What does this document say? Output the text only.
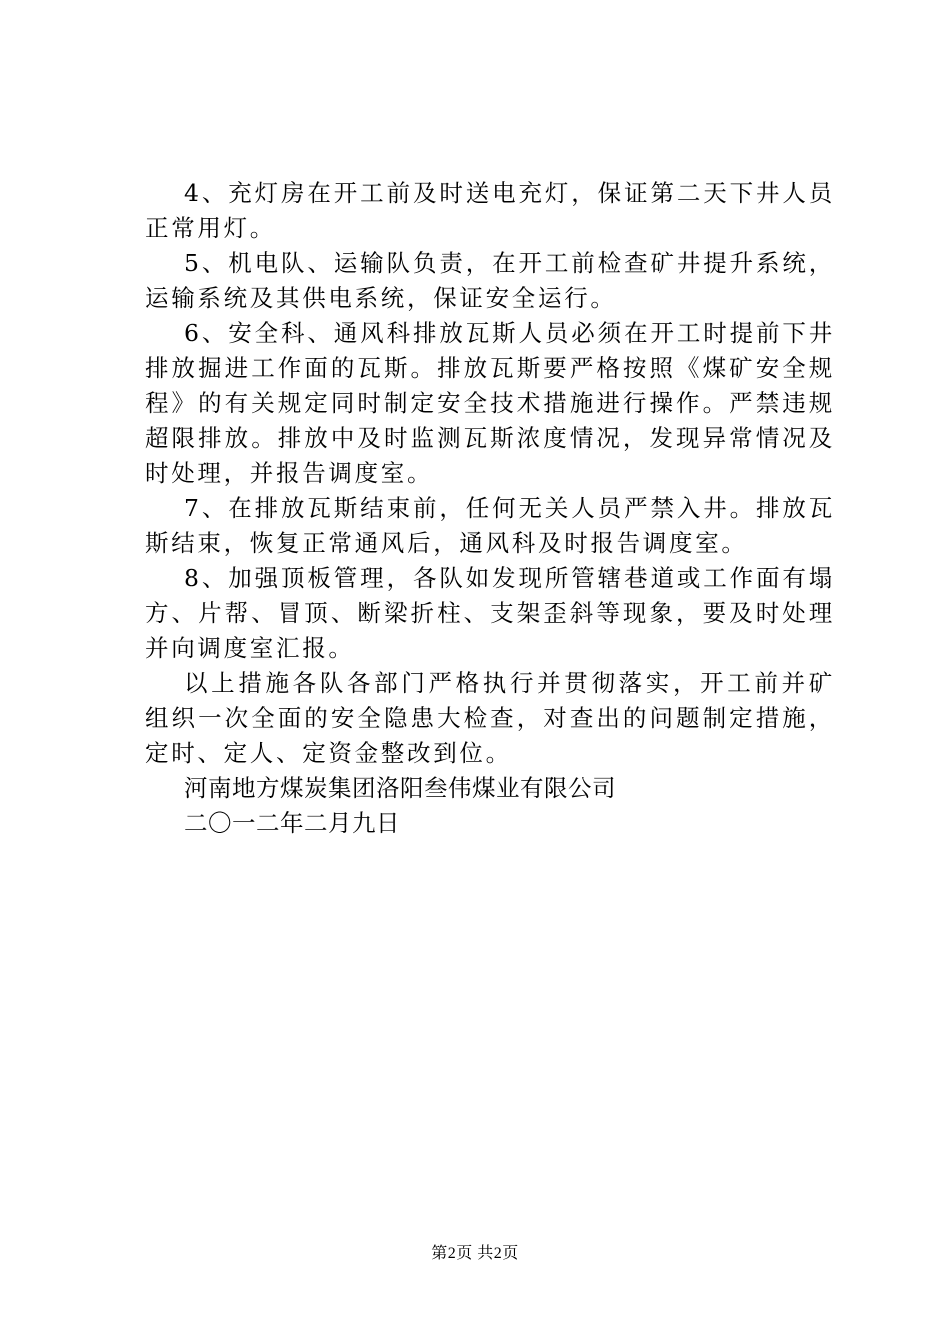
4、充灯房在开工前及时送电充灯，保证第二天下井人员正常用灯。

5、机电队、运输队负责，在开工前检查矿井提升系统，运输系统及其供电系统，保证安全运行。

6、安全科、通风科排放瓦斯人员必须在开工时提前下井排放掘进工作面的瓦斯。排放瓦斯要严格按照《煤矿安全规程》的有关规定同时制定安全技术措施进行操作。严禁违规超限排放。排放中及时监测瓦斯浓度情况，发现异常情况及时处理，并报告调度室。

7、在排放瓦斯结束前，任何无关人员严禁入井。排放瓦斯结束，恢复正常通风后，通风科及时报告调度室。

8、加强顶板管理，各队如发现所管辖巷道或工作面有塌方、片帮、冒顶、断梁折柱、支架歪斜等现象，要及时处理并向调度室汇报。

以上措施各队各部门严格执行并贯彻落实，开工前并矿组织一次全面的安全隐患大检查，对查出的问题制定措施，定时、定人、定资金整改到位。

河南地方煤炭集团洛阳叁伟煤业有限公司

二〇一二年二月九日

第2页 共2页
